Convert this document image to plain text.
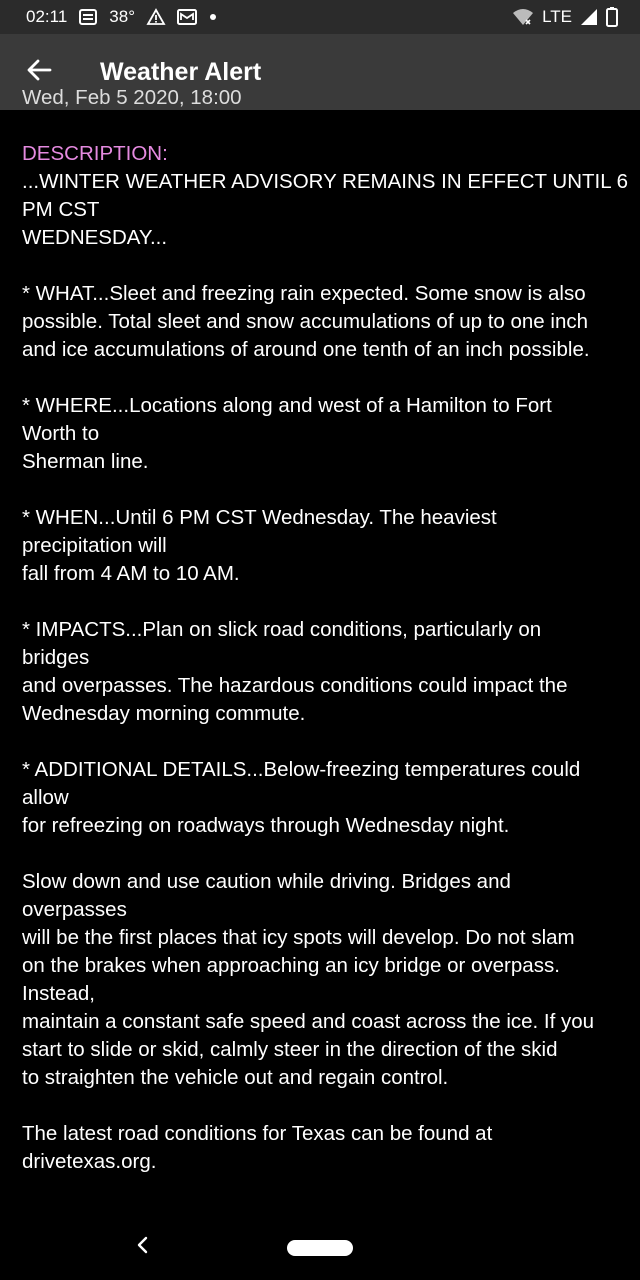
02:11 38°	LTE
Weather Alert
Wed, Feb 5 2020, 18:00
DESCRIPTION:
...WINTER WEATHER ADVISORY REMAINS IN EFFECT UNTIL 6
PM CST
WEDNESDAY...
* WHAT...Sleet and freezing rain expected. Some snow is also
possible. Total sleet and snow accumulations of up to one inch
and ice accumulations of around one tenth of an inch possible.
* WHERE...Locations along and west of a Hamilton to Fort
Worth to
Sherman line.
* WHEN...Until 6 PM CST Wednesday. The heaviest
precipitation will
fall from 4 AM to 10 AM.
* IMPACTS...Plan on slick road conditions, particularly on
bridges
and overpasses. The hazardous conditions could impact the
Wednesday morning commute.
* ADDITIONAL DETAILS...Below-freezing temperatures could
allow
for refreezing on roadways through Wednesday night.
Slow down and use caution while driving. Bridges and
overpasses
will be the first places that icy spots will develop. Do not slam
on the brakes when approaching an icy bridge or overpass.
Instead,
maintain a constant safe speed and coast across the ice. If you
start to slide or skid, calmly steer in the direction of the skid
to straighten the vehicle out and regain control.
The latest road conditions for Texas can be found at
drivetexas.org.
